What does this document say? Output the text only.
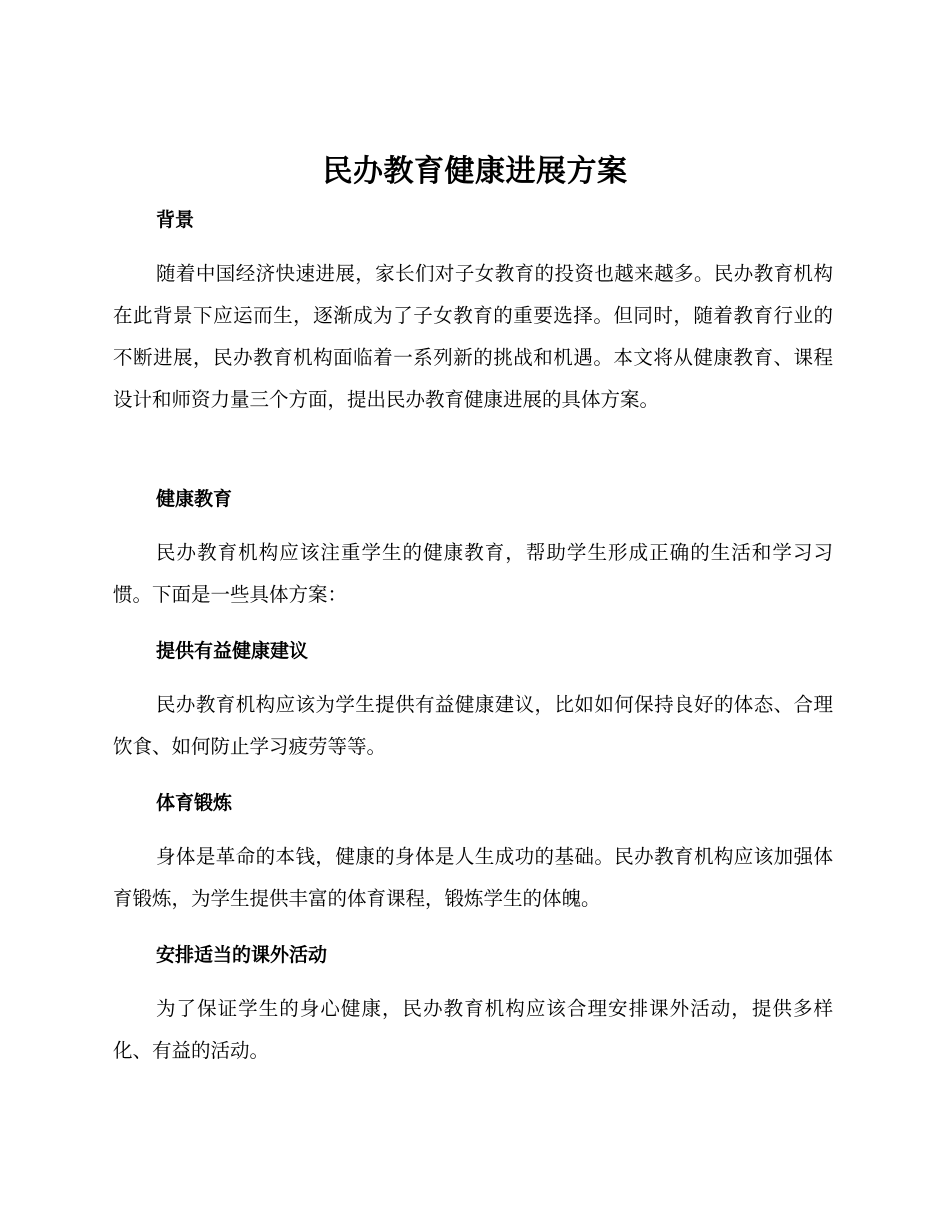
民办教育健康进展方案
背景

随着中国经济快速进展，家长们对子女教育的投资也越来越多。民办教育机构在此背景下应运而生，逐渐成为了子女教育的重要选择。但同时，随着教育行业的不断进展，民办教育机构面临着一系列新的挑战和机遇。本文将从健康教育、课程设计和师资力量三个方面，提出民办教育健康进展的具体方案。

健康教育

民办教育机构应该注重学生的健康教育，帮助学生形成正确的生活和学习习惯。下面是一些具体方案：

提供有益健康建议

民办教育机构应该为学生提供有益健康建议，比如如何保持良好的体态、合理饮食、如何防止学习疲劳等等。

体育锻炼

身体是革命的本钱，健康的身体是人生成功的基础。民办教育机构应该加强体育锻炼，为学生提供丰富的体育课程，锻炼学生的体魄。

安排适当的课外活动

为了保证学生的身心健康，民办教育机构应该合理安排课外活动，提供多样化、有益的活动。
